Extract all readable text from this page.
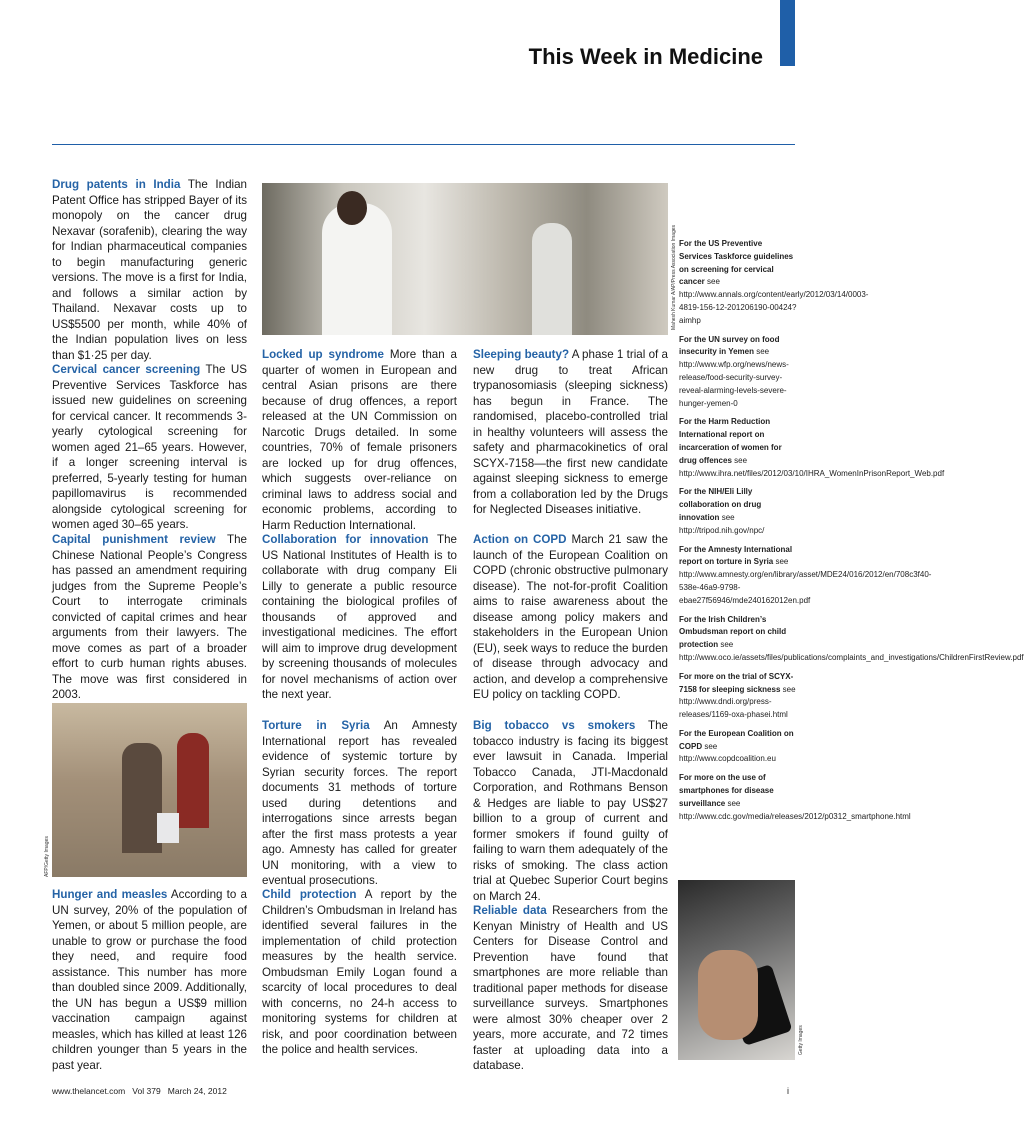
This Week in Medicine
Mahesh Kumar A/AP/Press Association Images
AFP/Getty Images
Getty Images
Drug patents in India The Indian Patent Office has stripped Bayer of its monopoly on the cancer drug Nexavar (sorafenib), clearing the way for Indian pharmaceutical companies to begin manufacturing generic versions. The move is a first for India, and follows a similar action by Thailand. Nexavar costs up to US$5500 per month, while 40% of the Indian population lives on less than $1·25 per day.
Cervical cancer screening The US Preventive Services Taskforce has issued new guidelines on screening for cervical cancer. It recommends 3-yearly cytological screening for women aged 21–65 years. However, if a longer screening interval is preferred, 5-yearly testing for human papillomavirus is recommended alongside cytological screening for women aged 30–65 years.
Capital punishment review The Chinese National People’s Congress has passed an amendment requiring judges from the Supreme People’s Court to interrogate criminals convicted of capital crimes and hear arguments from their lawyers. The move comes as part of a broader effort to curb human rights abuses. The move was first considered in 2003.
Hunger and measles According to a UN survey, 20% of the population of Yemen, or about 5 million people, are unable to grow or purchase the food they need, and require food assistance. This number has more than doubled since 2009. Additionally, the UN has begun a US$9 million vaccination campaign against measles, which has killed at least 126 children younger than 5 years in the past year.
Locked up syndrome More than a quarter of women in European and central Asian prisons are there because of drug offences, a report released at the UN Commission on Narcotic Drugs detailed. In some countries, 70% of female prisoners are locked up for drug offences, which suggests over-reliance on criminal laws to address social and economic problems, according to Harm Reduction International.
Collaboration for innovation The US National Institutes of Health is to collaborate with drug company Eli Lilly to generate a public resource containing the biological profiles of thousands of approved and investigational medicines. The effort will aim to improve drug development by screening thousands of molecules for novel mechanisms of action over the next year.
Torture in Syria An Amnesty International report has revealed evidence of systemic torture by Syrian security forces. The report documents 31 methods of torture used during detentions and interrogations since arrests began after the first mass protests a year ago. Amnesty has called for greater UN monitoring, with a view to eventual prosecutions.
Child protection A report by the Children’s Ombudsman in Ireland has identified several failures in the implementation of child protection measures by the health service. Ombudsman Emily Logan found a scarcity of local procedures to deal with concerns, no 24-h access to monitoring systems for children at risk, and poor coordination between the police and health services.
Sleeping beauty? A phase 1 trial of a new drug to treat African trypanosomiasis (sleeping sickness) has begun in France. The randomised, placebo-controlled trial in healthy volunteers will assess the safety and pharmacokinetics of oral SCYX-7158—the first new candidate against sleeping sickness to emerge from a collaboration led by the Drugs for Neglected Diseases initiative.
Action on COPD March 21 saw the launch of the European Coalition on COPD (chronic obstructive pulmonary disease). The not-for-profit Coalition aims to raise awareness about the disease among policy makers and stakeholders in the European Union (EU), seek ways to reduce the burden of disease through advocacy and action, and develop a comprehensive EU policy on tackling COPD.
Big tobacco vs smokers The tobacco industry is facing its biggest ever lawsuit in Canada. Imperial Tobacco Canada, JTI-Macdonald Corporation, and Rothmans Benson & Hedges are liable to pay US$27 billion to a group of current and former smokers if found guilty of failing to warn them adequately of the risks of smoking. The class action trial at Quebec Superior Court begins on March 24.
Reliable data Researchers from the Kenyan Ministry of Health and US Centers for Disease Control and Prevention have found that smartphones are more reliable than traditional paper methods for disease surveillance surveys. Smartphones were almost 30% cheaper over 2 years, more accurate, and 72 times faster at uploading data into a database.

For the US Preventive Services Taskforce guidelines on screening for cervical cancer see http://www.annals.org/content/early/2012/03/14/0003-4819-156-12-201206190-00424?aimhp

For the UN survey on food insecurity in Yemen see http://www.wfp.org/news/news-release/food-security-survey-reveal-alarming-levels-severe-hunger-yemen-0

For the Harm Reduction International report on incarceration of women for drug offences see http://www.ihra.net/files/2012/03/10/IHRA_WomenInPrisonReport_Web.pdf

For the NIH/Eli Lilly collaboration on drug innovation see http://tripod.nih.gov/npc/

For the Amnesty International report on torture in Syria see http://www.amnesty.org/en/library/asset/MDE24/016/2012/en/708c3f40-538e-46a9-9798-ebae27f56946/mde240162012en.pdf

For the Irish Children’s Ombudsman report on child protection see http://www.oco.ie/assets/files/publications/complaints_and_investigations/ChildrenFirstReview.pdf

For more on the trial of SCYX-7158 for sleeping sickness see http://www.dndi.org/press-releases/1169-oxa-phasei.html

For the European Coalition on COPD see http://www.copdcoalition.eu

For more on the use of smartphones for disease surveillance see http://www.cdc.gov/media/releases/2012/p0312_smartphone.html

www.thelancet.com   Vol 379   March 24, 2012	i
